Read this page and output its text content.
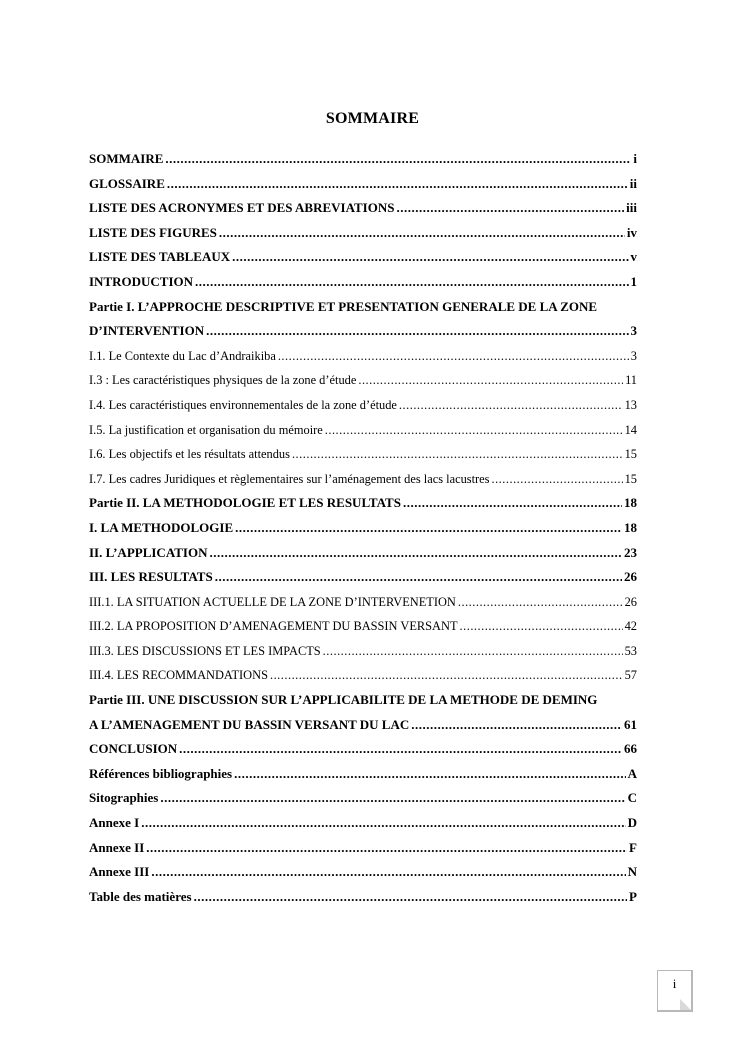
SOMMAIRE
SOMMAIRE .....	i
GLOSSAIRE .....	ii
LISTE DES ACRONYMES ET DES ABREVIATIONS .....	iii
LISTE DES FIGURES .....	iv
LISTE DES TABLEAUX .....	v
INTRODUCTION .....	1
Partie I. L’APPROCHE DESCRIPTIVE ET PRESENTATION GENERALE DE LA ZONE
D’INTERVENTION .....	3
I.1. Le Contexte du Lac d’Andraikiba .....	3
I.3 : Les caractéristiques physiques de la zone d’étude .....	11
I.4. Les caractéristiques environnementales de la zone d’étude .....	13
I.5. La justification et organisation du mémoire .....	14
I.6. Les objectifs et les résultats attendus .....	15
I.7. Les cadres Juridiques et règlementaires sur l’aménagement des lacs lacustres .....	15
Partie II. LA METHODOLOGIE ET LES RESULTATS .....	18
I. LA METHODOLOGIE .....	18
II. L’APPLICATION .....	23
III. LES RESULTATS .....	26
III.1. LA SITUATION ACTUELLE DE LA ZONE D’INTERVENETION .....	26
III.2. LA PROPOSITION D’AMENAGEMENT DU BASSIN VERSANT .....	42
III.3. LES DISCUSSIONS ET LES IMPACTS .....	53
III.4. LES RECOMMANDATIONS .....	57
Partie III. UNE DISCUSSION SUR L’APPLICABILITE DE LA METHODE DE DEMING
A L’AMENAGEMENT DU BASSIN VERSANT DU LAC .....	61
CONCLUSION .....	66
Références bibliographies .....	A
Sitographies .....	C
Annexe I .....	D
Annexe II .....	F
Annexe III .....	N
Table des matières .....	P
i
